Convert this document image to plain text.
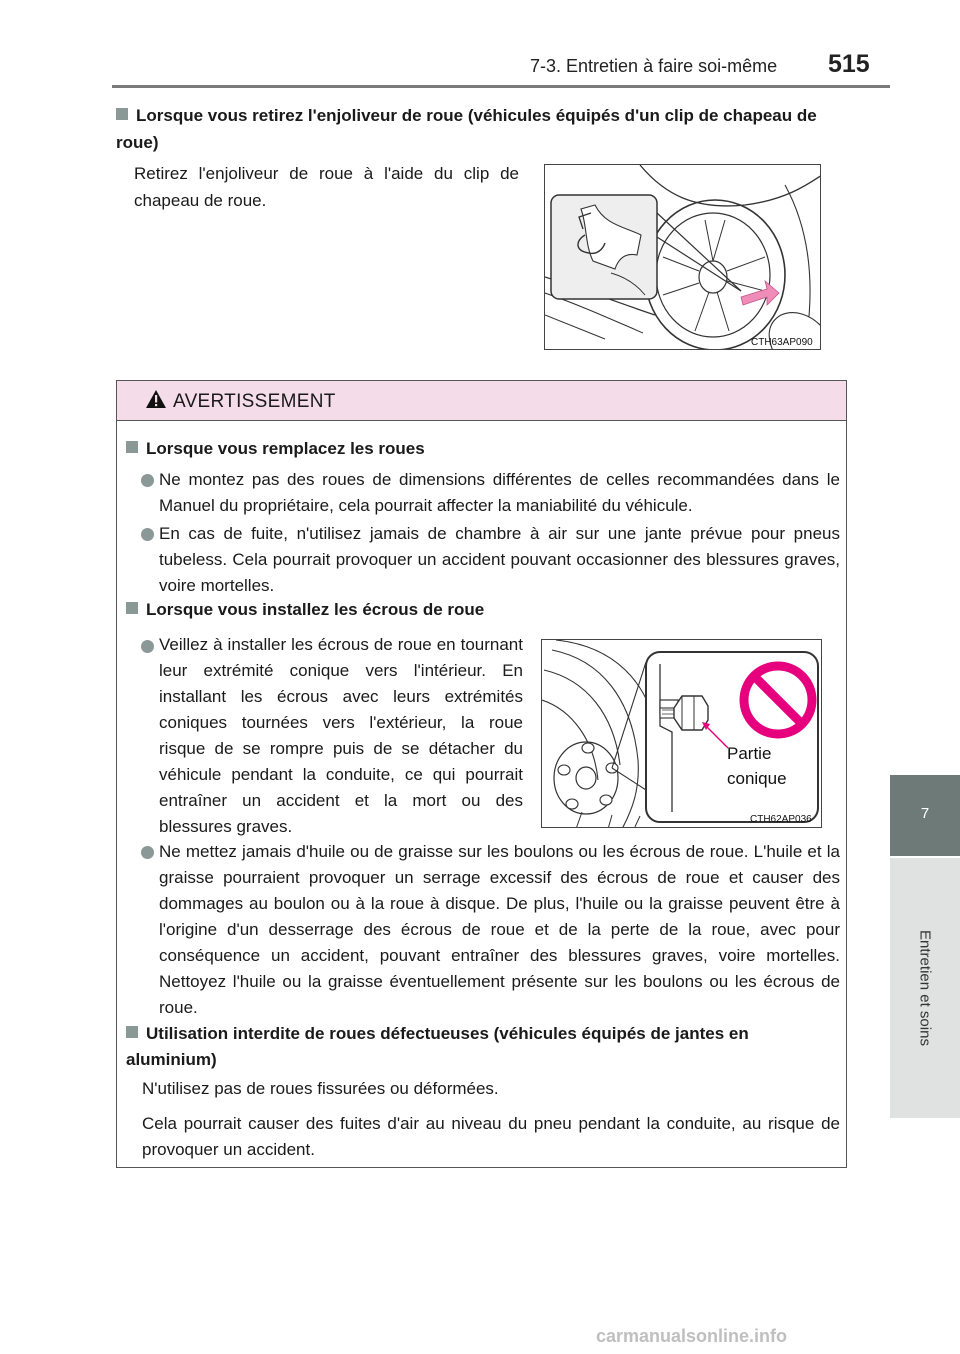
7-3. Entretien à faire soi-même 515
7
Entretien et soins
Lorsque vous retirez l'enjoliveur de roue (véhicules équipés d'un clip de chapeau de roue)
Retirez l'enjoliveur de roue à l'aide du clip de chapeau de roue.
CTH63AP090
AVERTISSEMENT
Lorsque vous remplacez les roues
Ne montez pas des roues de dimensions différentes de celles recommandées dans le Manuel du propriétaire, cela pourrait affecter la maniabilité du véhicule.
En cas de fuite, n'utilisez jamais de chambre à air sur une jante prévue pour pneus tubeless. Cela pourrait provoquer un accident pouvant occasionner des blessures graves, voire mortelles.
Lorsque vous installez les écrous de roue
Veillez à installer les écrous de roue en tournant leur extrémité conique vers l'intérieur. En installant les écrous avec leurs extrémités coniques tournées vers l'extérieur, la roue risque de se rompre puis de se détacher du véhicule pendant la conduite, ce qui pourrait entraîner un accident et la mort ou des blessures graves.
Ne mettez jamais d'huile ou de graisse sur les boulons ou les écrous de roue. L'huile et la graisse pourraient provoquer un serrage excessif des écrous de roue et causer des dommages au boulon ou à la roue à disque. De plus, l'huile ou la graisse peuvent être à l'origine d'un desserrage des écrous de roue et de la perte de la roue, avec pour conséquence un accident, pouvant entraîner des blessures graves, voire mortelles. Nettoyez l'huile ou la graisse éventuellement présente sur les boulons ou les écrous de roue.
Utilisation interdite de roues défectueuses (véhicules équipés de jantes en aluminium)
N'utilisez pas de roues fissurées ou déformées.
Cela pourrait causer des fuites d'air au niveau du pneu pendant la conduite, au risque de provoquer un accident.
Partie conique
CTH62AP036
carmanualsonline.info
